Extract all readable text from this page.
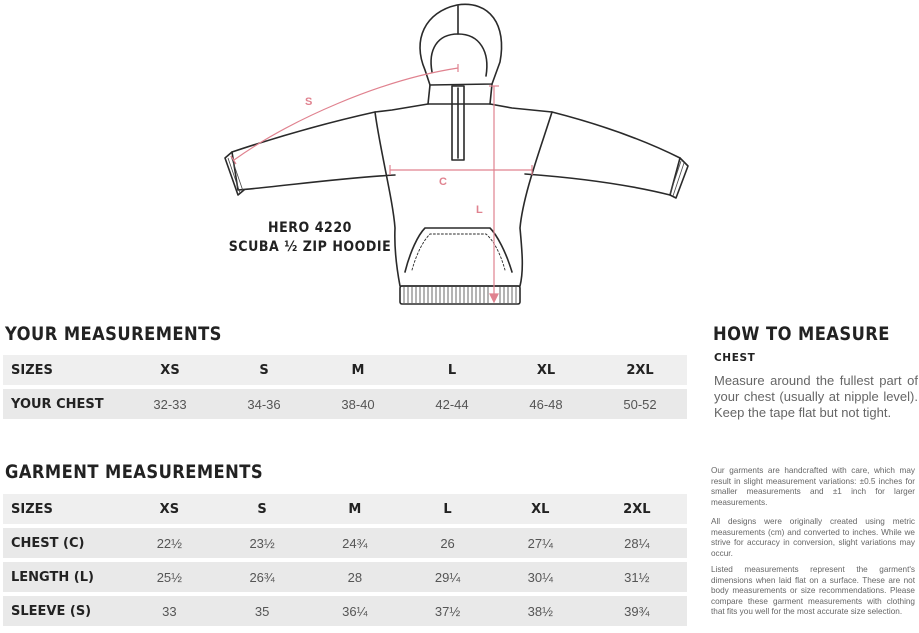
S
C
L
HERO 4220
SCUBA ½ ZIP HOODIE
YOUR MEASUREMENTS
SIZES	XS	S	M	L	XL	2XL
YOUR CHEST	32-33	34-36	38-40	42-44	46-48	50-52
GARMENT MEASUREMENTS
SIZES	XS	S	M	L	XL	2XL
CHEST (C)	22½	23½	24¾	26	27¼	28¼
LENGTH (L)	25½	26¾	28	29¼	30¼	31½
SLEEVE (S)	33	35	36¼	37½	38½	39¾
HOW TO MEASURE
CHEST
Measure around the fullest part of your chest (usually at nipple level). Keep the tape flat but not tight.
Our garments are handcrafted with care, which may result in slight measurement variations: ±0.5 inches for smaller measurements and ±1 inch for larger measurements.
All designs were originally created using metric measurements (cm) and converted to inches. While we strive for accuracy in conversion, slight variations may occur.
Listed measurements represent the garment's dimensions when laid flat on a surface. These are not body measurements or size recommendations. Please compare these garment measurements with clothing that fits you well for the most accurate size selection.
